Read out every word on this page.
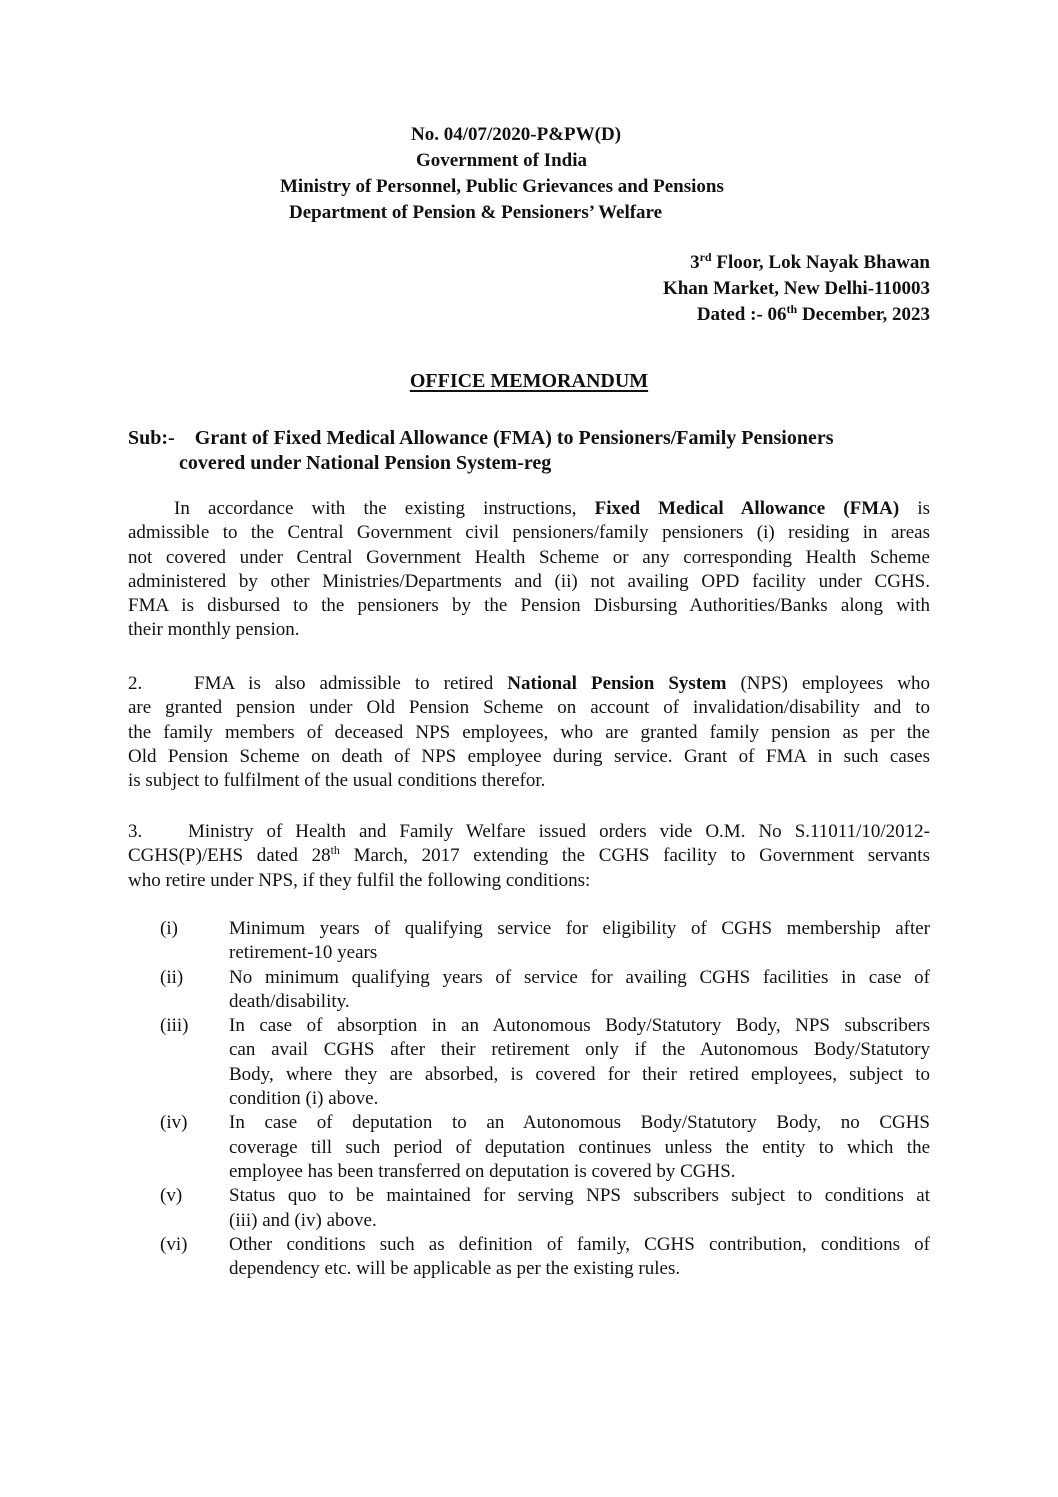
No. 04/07/2020-P&PW(D)
Government of India
Ministry of Personnel, Public Grievances and Pensions
Department of Pension & Pensioners’ Welfare
3rd Floor, Lok Nayak Bhawan
Khan Market, New Delhi-110003
Dated :- 06th December, 2023
OFFICE MEMORANDUM
Sub:- Grant of Fixed Medical Allowance (FMA) to Pensioners/Family Pensioners
covered under National Pension System-reg
In accordance with the existing instructions, Fixed Medical Allowance (FMA) is
admissible to the Central Government civil pensioners/family pensioners (i) residing in areas
not covered under Central Government Health Scheme or any corresponding Health Scheme
administered by other Ministries/Departments and (ii) not availing OPD facility under CGHS.
FMA is disbursed to the pensioners by the Pension Disbursing Authorities/Banks along with
their monthly pension.
2.	FMA is also admissible to retired National Pension System (NPS) employees who
are granted pension under Old Pension Scheme on account of invalidation/disability and to
the family members of deceased NPS employees, who are granted family pension as per the
Old Pension Scheme on death of NPS employee during service. Grant of FMA in such cases
is subject to fulfilment of the usual conditions therefor.
3. Ministry of Health and Family Welfare issued orders vide O.M. No S.11011/10/2012-
CGHS(P)/EHS dated 28th March, 2017 extending the CGHS facility to Government servants
who retire under NPS, if they fulfil the following conditions:
(i)	Minimum years of qualifying service for eligibility of CGHS membership after
retirement-10 years
(ii) No minimum qualifying years of service for availing CGHS facilities in case of
death/disability.
(iii) In case of absorption in an Autonomous Body/Statutory Body, NPS subscribers
can avail CGHS after their retirement only if the Autonomous Body/Statutory
Body, where they are absorbed, is covered for their retired employees, subject to
condition (i) above.
(iv) In case of deputation to an Autonomous Body/Statutory Body, no CGHS
coverage till such period of deputation continues unless the entity to which the
employee has been transferred on deputation is covered by CGHS.
(v) Status quo to be maintained for serving NPS subscribers subject to conditions at
(iii) and (iv) above.
(vi) Other conditions such as definition of family, CGHS contribution, conditions of
dependency etc. will be applicable as per the existing rules.
